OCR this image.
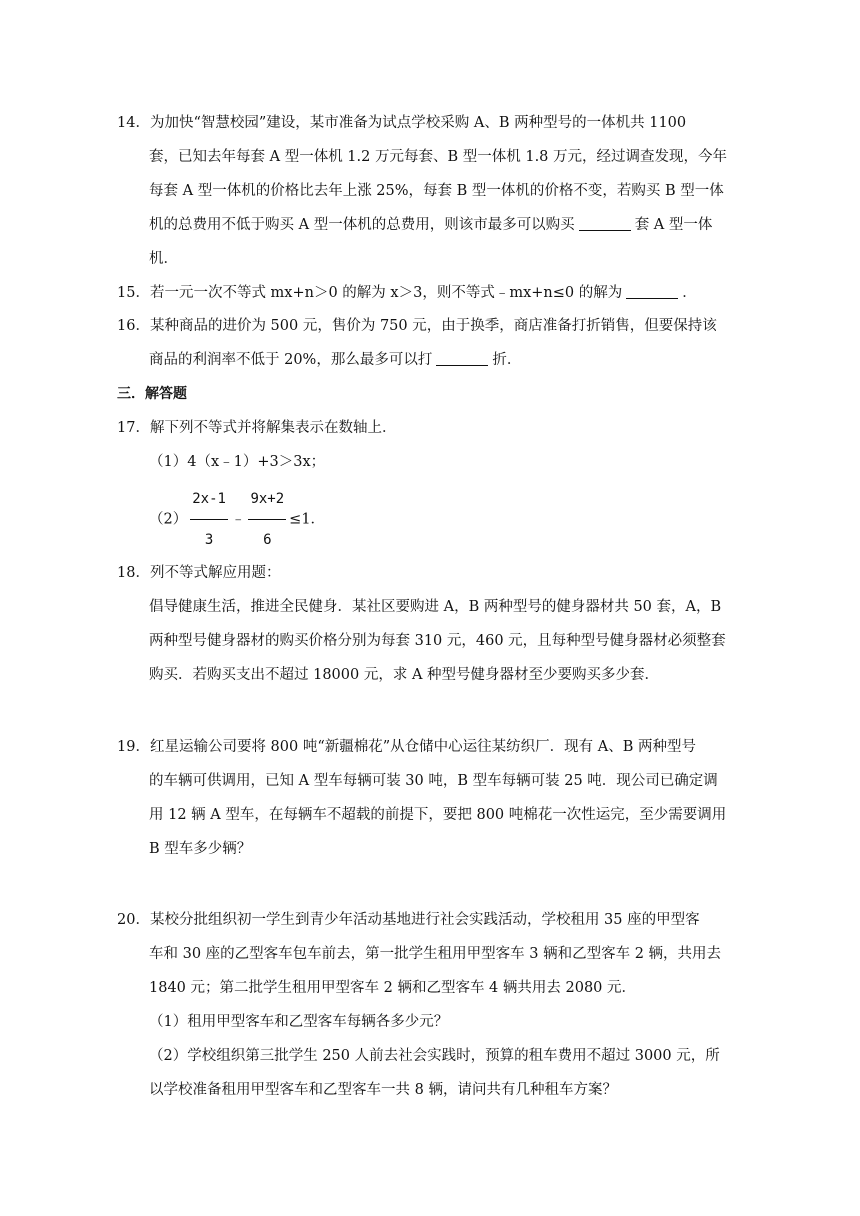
14．为加快“智慧校园”建设，某市准备为试点学校采购 A、B 两种型号的一体机共 1100
套，已知去年每套 A 型一体机 1.2 万元每套、B 型一体机 1.8 万元，经过调查发现，今年
每套 A 型一体机的价格比去年上涨 25%，每套 B 型一体机的价格不变，若购买 B 型一体
机的总费用不低于购买 A 型一体机的总费用，则该市最多可以购买	套 A 型一体
机．
15．若一元一次不等式 mx+n＞0 的解为 x＞3，则不等式﹣mx+n≤0 的解为	．
16．某种商品的进价为 500 元，售价为 750 元，由于换季，商店准备打折销售，但要保持该
商品的利润率不低于 20%，那么最多可以打	折．
三．解答题
17．解下列不等式并将解集表示在数轴上．
（1）4（x﹣1）+3＞3x；
$(2) \frac{2x-1}{3}$ ﹣ $\frac{9x+2}{6} \le 1$．
18．列不等式解应用题：
倡导健康生活，推进全民健身．某社区要购进 A，B 两种型号的健身器材共 50 套，A，B
两种型号健身器材的购买价格分别为每套 310 元，460 元，且每种型号健身器材必须整套
购买．若购买支出不超过 18000 元，求 A 种型号健身器材至少要购买多少套．
19．红星运输公司要将 800 吨“新疆棉花”从仓储中心运往某纺织厂．现有 A、B 两种型号
的车辆可供调用，已知 A 型车每辆可装 30 吨，B 型车每辆可装 25 吨．现公司已确定调
用 12 辆 A 型车，在每辆车不超载的前提下，要把 800 吨棉花一次性运完，至少需要调用
B 型车多少辆？
20．某校分批组织初一学生到青少年活动基地进行社会实践活动，学校租用 35 座的甲型客
车和 30 座的乙型客车包车前去，第一批学生租用甲型客车 3 辆和乙型客车 2 辆，共用去
1840 元；第二批学生租用甲型客车 2 辆和乙型客车 4 辆共用去 2080 元．
（1）租用甲型客车和乙型客车每辆各多少元？
（2）学校组织第三批学生 250 人前去社会实践时，预算的租车费用不超过 3000 元，所
以学校准备租用甲型客车和乙型客车一共 8 辆，请问共有几种租车方案？
